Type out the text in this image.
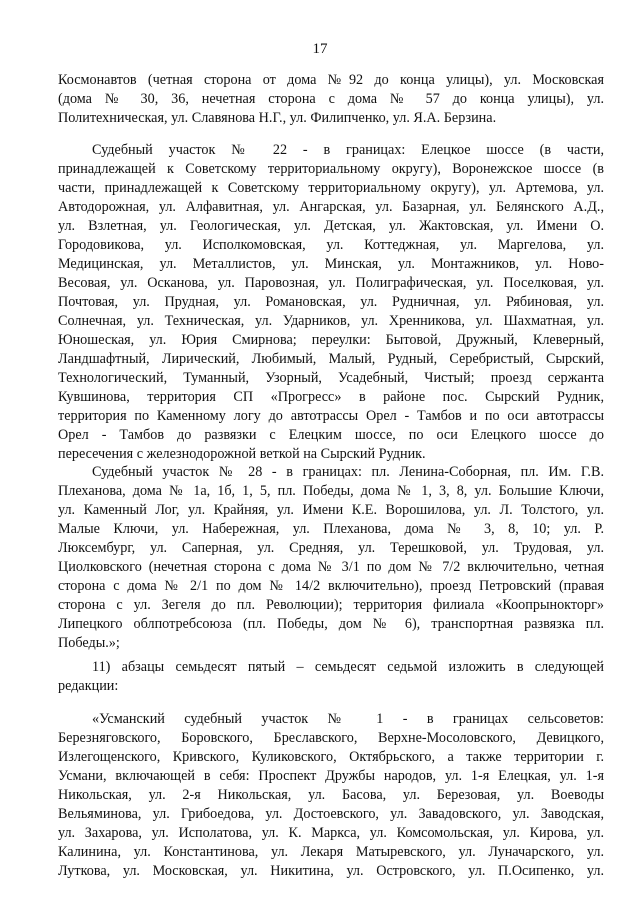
17
Космонавтов (четная сторона от дома №92 до конца улицы), ул. Московская
(дома № 30, 36, нечетная сторона с дома № 57 до конца улицы), ул.
Политехническая, ул. Славянова Н.Г., ул. Филипченко, ул. Я.А. Берзина.
Судебный участок № 22 - в границах: Елецкое шоссе (в части,
принадлежащей к Советскому территориальному округу), Воронежское шоссе (в
части, принадлежащей к Советскому территориальному округу), ул. Артемова, ул.
Автодорожная, ул. Алфавитная, ул. Ангарская, ул. Базарная, ул. Белянского А.Д.,
ул. Взлетная, ул. Геологическая, ул. Детская, ул. Жактовская, ул. Имени О.
Городовикова, ул. Исполкомовская, ул. Коттеджная, ул. Маргелова, ул.
Медицинская, ул. Металлистов, ул. Минская, ул. Монтажников, ул. Ново-
Весовая, ул. Осканова, ул. Паровозная, ул. Полиграфическая, ул. Поселковая, ул.
Почтовая, ул. Прудная, ул. Романовская, ул. Рудничная, ул. Рябиновая, ул.
Солнечная, ул. Техническая, ул. Ударников, ул. Хренникова, ул. Шахматная, ул.
Юношеская, ул. Юрия Смирнова; переулки: Бытовой, Дружный, Клеверный,
Ландшафтный, Лирический, Любимый, Малый, Рудный, Серебристый, Сырский,
Технологический, Туманный, Узорный, Усадебный, Чистый; проезд сержанта
Кувшинова, территория СП «Прогресс» в районе пос. Сырский Рудник,
территория по Каменному логу до автотрассы Орел - Тамбов и по оси автотрассы
Орел - Тамбов до развязки с Елецким шоссе, по оси Елецкого шоссе до
пересечения с железнодорожной веткой на Сырский Рудник.
Судебный участок № 28 - в границах: пл. Ленина-Соборная, пл. Им. Г.В.
Плеханова, дома № 1а, 1б, 1, 5, пл. Победы, дома № 1, 3, 8, ул. Большие Ключи,
ул. Каменный Лог, ул. Крайняя, ул. Имени К.Е. Ворошилова, ул. Л. Толстого, ул.
Малые Ключи, ул. Набережная, ул. Плеханова, дома № 3, 8, 10; ул. Р.
Люксембург, ул. Саперная, ул. Средняя, ул. Терешковой, ул. Трудовая, ул.
Циолковского (нечетная сторона с дома № 3/1 по дом № 7/2 включительно, четная
сторона с дома № 2/1 по дом № 14/2 включительно), проезд Петровский (правая
сторона с ул. Зегеля до пл. Революции); территория филиала «Коопрынокторг»
Липецкого облпотребсоюза (пл. Победы, дом № 6), транспортная развязка пл.
Победы.»;
11) абзацы семьдесят пятый – семьдесят седьмой изложить в следующей
редакции:
«Усманский судебный участок № 1 - в границах сельсоветов:
Березняговского, Боровского, Бреславского, Верхне-Мосоловского, Девицкого,
Излегощенского, Кривского, Куликовского, Октябрьского, а также территории г.
Усмани, включающей в себя: Проспект Дружбы народов, ул. 1-я Елецкая, ул. 1-я
Никольская, ул. 2-я Никольская, ул. Басова, ул. Березовая, ул. Воеводы
Вельяминова, ул. Грибоедова, ул. Достоевского, ул. Завадовского, ул. Заводская,
ул. Захарова, ул. Исполатова, ул. К. Маркса, ул. Комсомольская, ул. Кирова, ул.
Калинина, ул. Константинова, ул. Лекаря Матыревского, ул. Луначарского, ул.
Луткова, ул. Московская, ул. Никитина, ул. Островского, ул. П.Осипенко, ул.
